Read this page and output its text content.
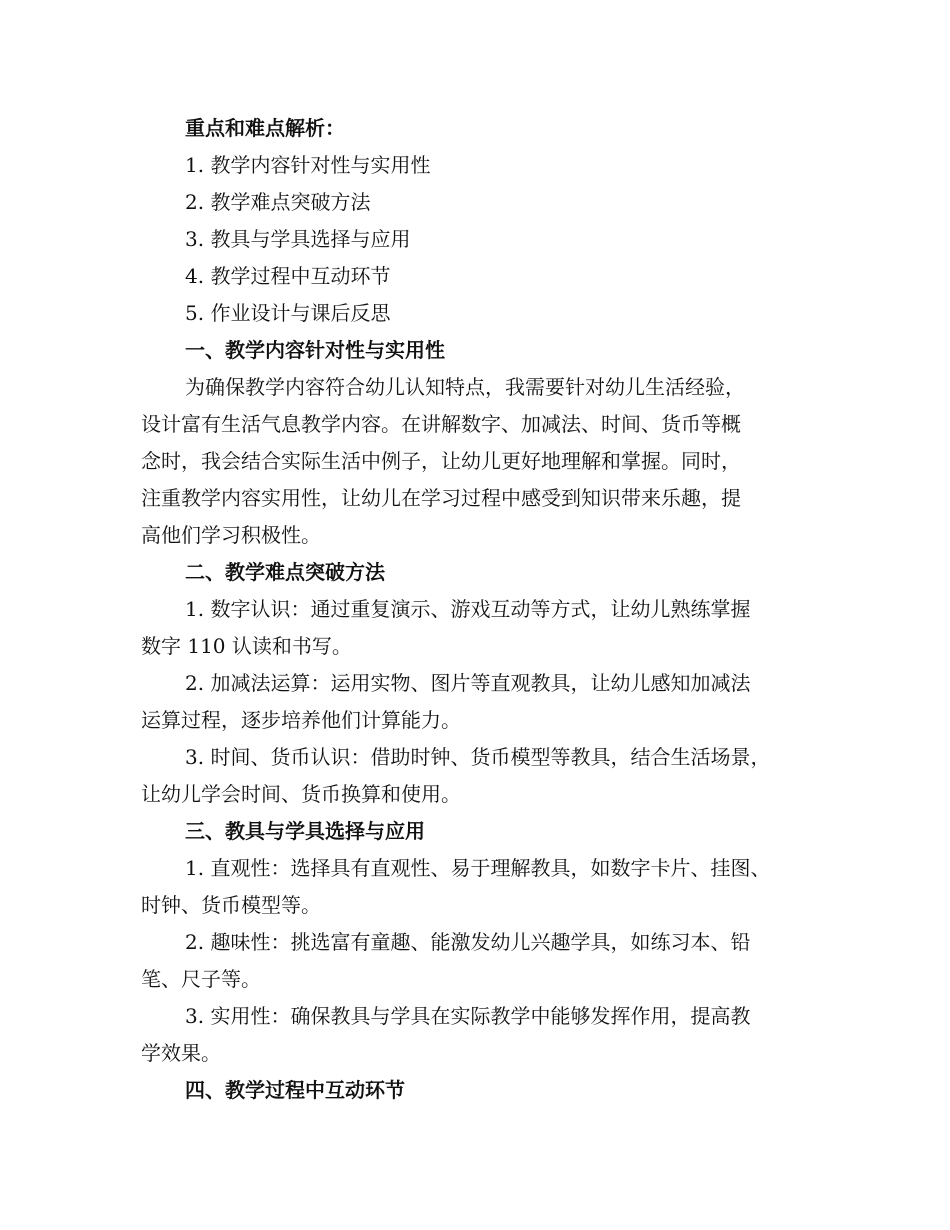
重点和难点解析：

1. 教学内容针对性与实用性

2. 教学难点突破方法

3. 教具与学具选择与应用

4. 教学过程中互动环节

5. 作业设计与课后反思

一、教学内容针对性与实用性

为确保教学内容符合幼儿认知特点，我需要针对幼儿生活经验，

设计富有生活气息教学内容。在讲解数字、加减法、时间、货币等概

念时，我会结合实际生活中例子，让幼儿更好地理解和掌握。同时，

注重教学内容实用性，让幼儿在学习过程中感受到知识带来乐趣，提

高他们学习积极性。

二、教学难点突破方法

1. 数字认识：通过重复演示、游戏互动等方式，让幼儿熟练掌握

数字 110 认读和书写。

2. 加减法运算：运用实物、图片等直观教具，让幼儿感知加减法

运算过程，逐步培养他们计算能力。

3. 时间、货币认识：借助时钟、货币模型等教具，结合生活场景，

让幼儿学会时间、货币换算和使用。

三、教具与学具选择与应用

1. 直观性：选择具有直观性、易于理解教具，如数字卡片、挂图、

时钟、货币模型等。

2. 趣味性：挑选富有童趣、能激发幼儿兴趣学具，如练习本、铅

笔、尺子等。

3. 实用性：确保教具与学具在实际教学中能够发挥作用，提高教

学效果。

四、教学过程中互动环节
